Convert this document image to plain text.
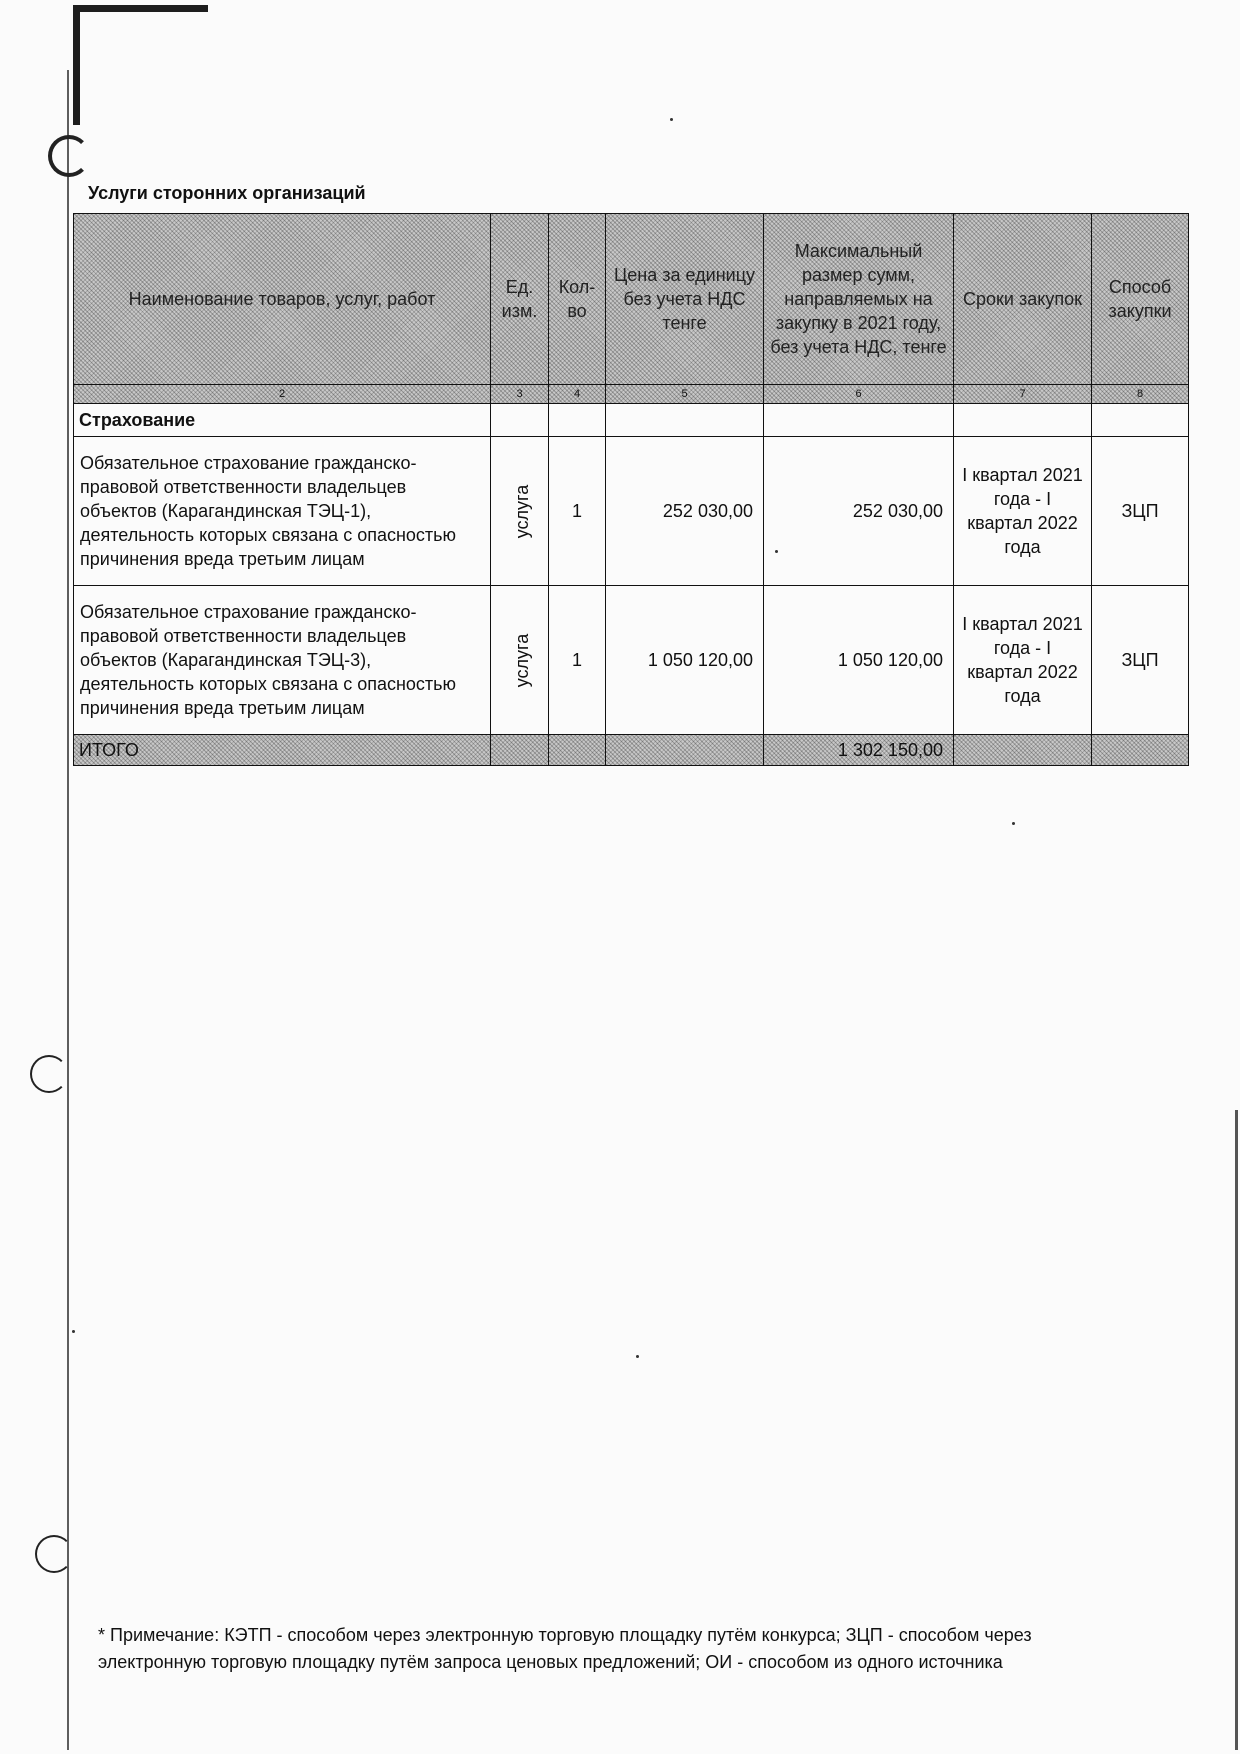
Услуги сторонних организаций
Наименование товаров, услуг, работ	Ед. изм.	Кол-во	Цена за единицу без учета НДС тенге	Максимальный размер сумм, направляемых на закупку в 2021 году, без учета НДС, тенге	Сроки закупок	Способ закупки
2	3	4	5	6	7	8
Страхование						
Обязательное страхование гражданско-правовой ответственности владельцев объектов (Карагандинская ТЭЦ-1), деятельность которых связана с опасностью причинения вреда третьим лицам	услуга	1	252 030,00	252 030,00	I квартал 2021 года - I квартал 2022 года	ЗЦП
Обязательное страхование гражданско-правовой ответственности владельцев объектов (Карагандинская ТЭЦ-3), деятельность которых связана с опасностью причинения вреда третьим лицам	услуга	1	1 050 120,00	1 050 120,00	I квартал 2021 года - I квартал 2022 года	ЗЦП
ИТОГО				1 302 150,00		
* Примечание: КЭТП - способом через электронную торговую площадку путём конкурса; ЗЦП - способом через электронную торговую площадку путём запроса ценовых предложений; ОИ - способом из одного источника
